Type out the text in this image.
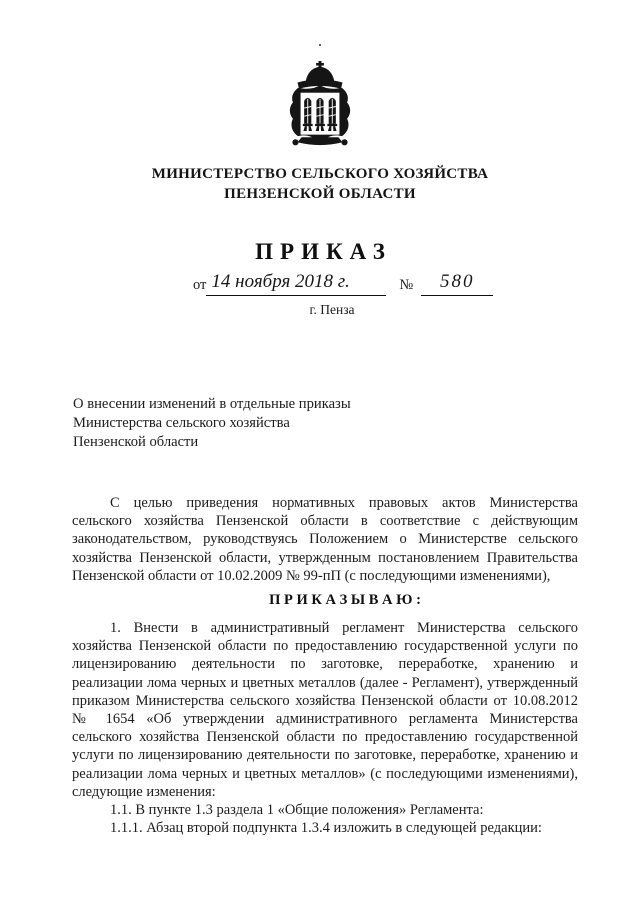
МИНИСТЕРСТВО СЕЛЬСКОГО ХОЗЯЙСТВА
ПЕНЗЕНСКОЙ ОБЛАСТИ
ПРИКАЗ
от 14 ноября 2018 г.	№	580
г. Пенза
О внесении изменений в отдельные приказы
Министерства сельского хозяйства
Пензенской области

С целью приведения нормативных правовых актов Министерства сельского хозяйства Пензенской области в соответствие с действующим законодательством, руководствуясь Положением о Министерстве сельского хозяйства Пензенской области, утвержденным постановлением Правительства Пензенской области от 10.02.2009 № 99-пП (с последующими изменениями),

П Р И К А З Ы В А Ю :

1. Внести в административный регламент Министерства сельского хозяйства Пензенской области по предоставлению государственной услуги по лицензированию деятельности по заготовке, переработке, хранению и реализации лома черных и цветных металлов (далее - Регламент), утвержденный приказом Министерства сельского хозяйства Пензенской области от 10.08.2012 № 1654 «Об утверждении административного регламента Министерства сельского хозяйства Пензенской области по предоставлению государственной услуги по лицензированию деятельности по заготовке, переработке, хранению и реализации лома черных и цветных металлов» (с последующими изменениями), следующие изменения:

1.1. В пункте 1.3 раздела 1 «Общие положения» Регламента:

1.1.1. Абзац второй подпункта 1.3.4 изложить в следующей редакции:
